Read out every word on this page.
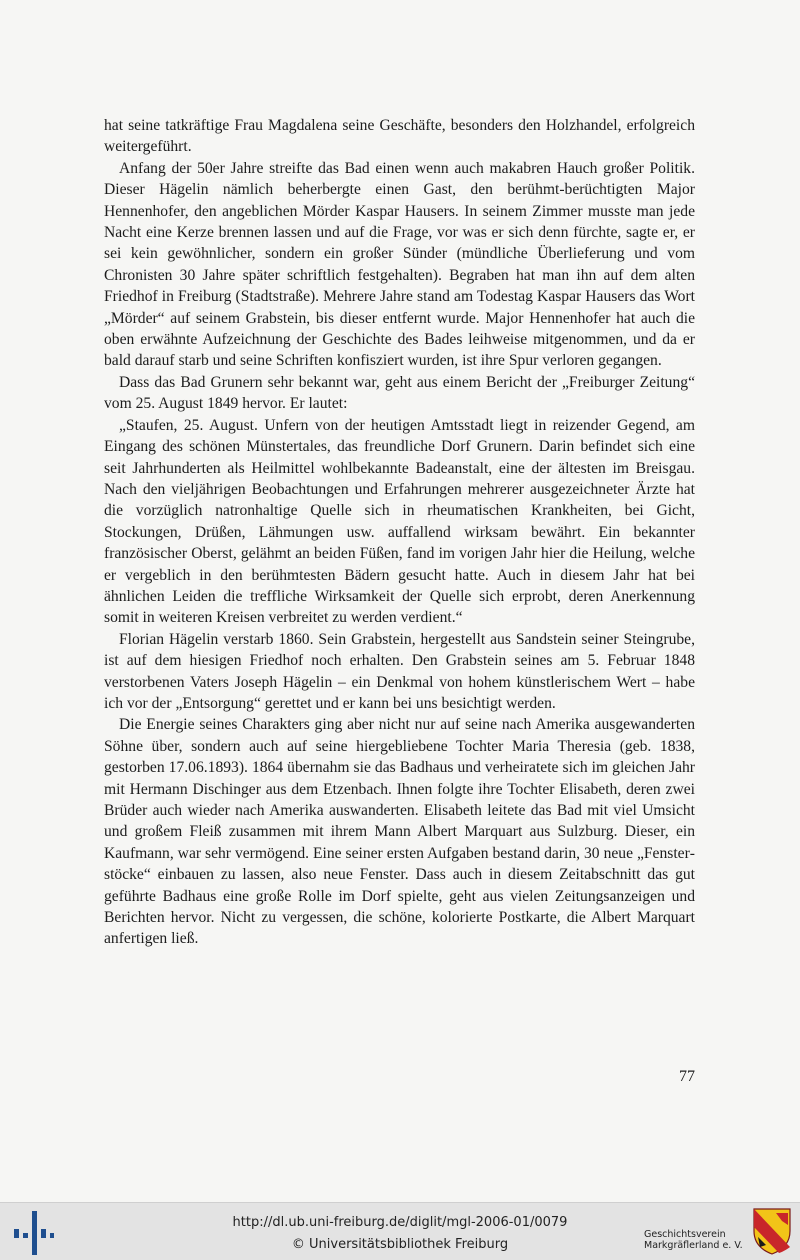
hat seine tatkräftige Frau Magdalena seine Geschäfte, besonders den Holzhandel, erfolgreich weitergeführt.

Anfang der 50er Jahre streifte das Bad einen wenn auch makabren Hauch großer Politik. Dieser Hägelin nämlich beherbergte einen Gast, den berühmt-berüchtigten Major Hennenhofer, den angeblichen Mörder Kaspar Hausers. In seinem Zimmer musste man jede Nacht eine Kerze brennen lassen und auf die Frage, vor was er sich denn fürchte, sagte er, er sei kein gewöhnlicher, sondern ein großer Sünder (mündliche Überlieferung und vom Chronisten 30 Jahre später schriftlich festgehalten). Begraben hat man ihn auf dem alten Friedhof in Freiburg (Stadtstraße). Mehrere Jahre stand am Todestag Kaspar Hausers das Wort „Mörder“ auf seinem Grabstein, bis dieser entfernt wurde. Major Hennenhofer hat auch die oben erwähnte Aufzeichnung der Geschichte des Bades leihweise mitgenommen, und da er bald darauf starb und seine Schriften konfisziert wurden, ist ihre Spur verloren gegangen.

Dass das Bad Grunern sehr bekannt war, geht aus einem Bericht der „Freiburger Zeitung“ vom 25. August 1849 hervor. Er lautet:

„Staufen, 25. August. Unfern von der heutigen Amtsstadt liegt in reizender Gegend, am Eingang des schönen Münstertales, das freundliche Dorf Grunern. Darin befindet sich eine seit Jahrhunderten als Heilmittel wohlbekannte Badeanstalt, eine der ältesten im Breisgau. Nach den vieljährigen Beobachtungen und Erfahrungen mehrerer ausgezeichneter Ärzte hat die vorzüglich natronhaltige Quelle sich in rheumatischen Krankheiten, bei Gicht, Stockungen, Drüßen, Lähmungen usw. auffallend wirksam bewährt. Ein bekannter französischer Oberst, gelähmt an beiden Füßen, fand im vorigen Jahr hier die Heilung, welche er vergeblich in den berühmtesten Bädern gesucht hatte. Auch in diesem Jahr hat bei ähnlichen Leiden die treffliche Wirksamkeit der Quelle sich erprobt, deren Anerkennung somit in weiteren Kreisen verbreitet zu werden verdient.“

Florian Hägelin verstarb 1860. Sein Grabstein, hergestellt aus Sandstein seiner Steingrube, ist auf dem hiesigen Friedhof noch erhalten. Den Grabstein seines am 5. Februar 1848 verstorbenen Vaters Joseph Hägelin – ein Denkmal von hohem künstlerischem Wert – habe ich vor der „Entsorgung“ gerettet und er kann bei uns besichtigt werden.

Die Energie seines Charakters ging aber nicht nur auf seine nach Amerika ausgewanderten Söhne über, sondern auch auf seine hiergebliebene Tochter Maria Theresia (geb. 1838, gestorben 17.06.1893). 1864 übernahm sie das Badhaus und verheiratete sich im gleichen Jahr mit Hermann Dischinger aus dem Etzenbach. Ihnen folgte ihre Tochter Elisabeth, deren zwei Brüder auch wieder nach Amerika auswanderten. Elisabeth leitete das Bad mit viel Umsicht und großem Fleiß zusammen mit ihrem Mann Albert Marquart aus Sulzburg. Dieser, ein Kaufmann, war sehr vermögend. Eine seiner ersten Aufgaben bestand darin, 30 neue „Fensterstöcke“ einbauen zu lassen, also neue Fenster. Dass auch in diesem Zeitabschnitt das gut geführte Badhaus eine große Rolle im Dorf spielte, geht aus vielen Zeitungsanzeigen und Berichten hervor. Nicht zu vergessen, die schöne, kolorierte Postkarte, die Albert Marquart anfertigen ließ.

77
http://dl.ub.uni-freiburg.de/diglit/mgl-2006-01/0079
© Universitätsbibliothek Freiburg
Geschichtsverein
Markgräflerland e. V.
